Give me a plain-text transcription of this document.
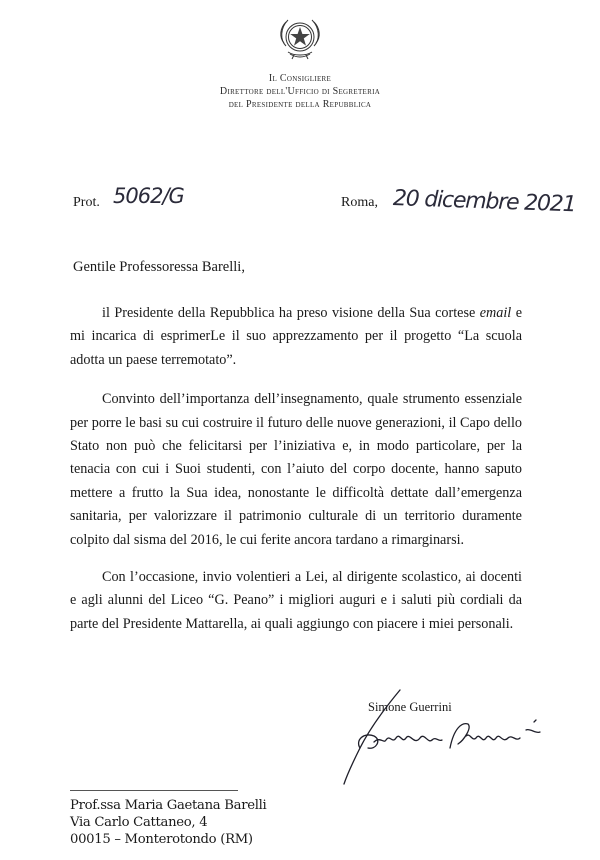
Il Consigliere
Direttore dell'Ufficio di Segreteria
del Presidente della Repubblica
Prot. 5062/G	Roma, 20 dicembre 2021
Gentile Professoressa Barelli,

il Presidente della Repubblica ha preso visione della Sua cortese email e mi incarica di esprimerLe il suo apprezzamento per il progetto “La scuola adotta un paese terremotato”.

Convinto dell’importanza dell’insegnamento, quale strumento essenziale per porre le basi su cui costruire il futuro delle nuove generazioni, il Capo dello Stato non può che felicitarsi per l’iniziativa e, in modo particolare, per la tenacia con cui i Suoi studenti, con l’aiuto del corpo docente, hanno saputo mettere a frutto la Sua idea, nonostante le difficoltà dettate dall’emergenza sanitaria, per valorizzare il patrimonio culturale di un territorio duramente colpito dal sisma del 2016, le cui ferite ancora tardano a rimarginarsi.

Con l’occasione, invio volentieri a Lei, al dirigente scolastico, ai docenti e agli alunni del Liceo “G. Peano” i migliori auguri e i saluti più cordiali da parte del Presidente Mattarella, ai quali aggiungo con piacere i miei personali.

Simone Guerrini
Prof.ssa Maria Gaetana Barelli
Via Carlo Cattaneo, 4
00015 – Monterotondo (RM)
